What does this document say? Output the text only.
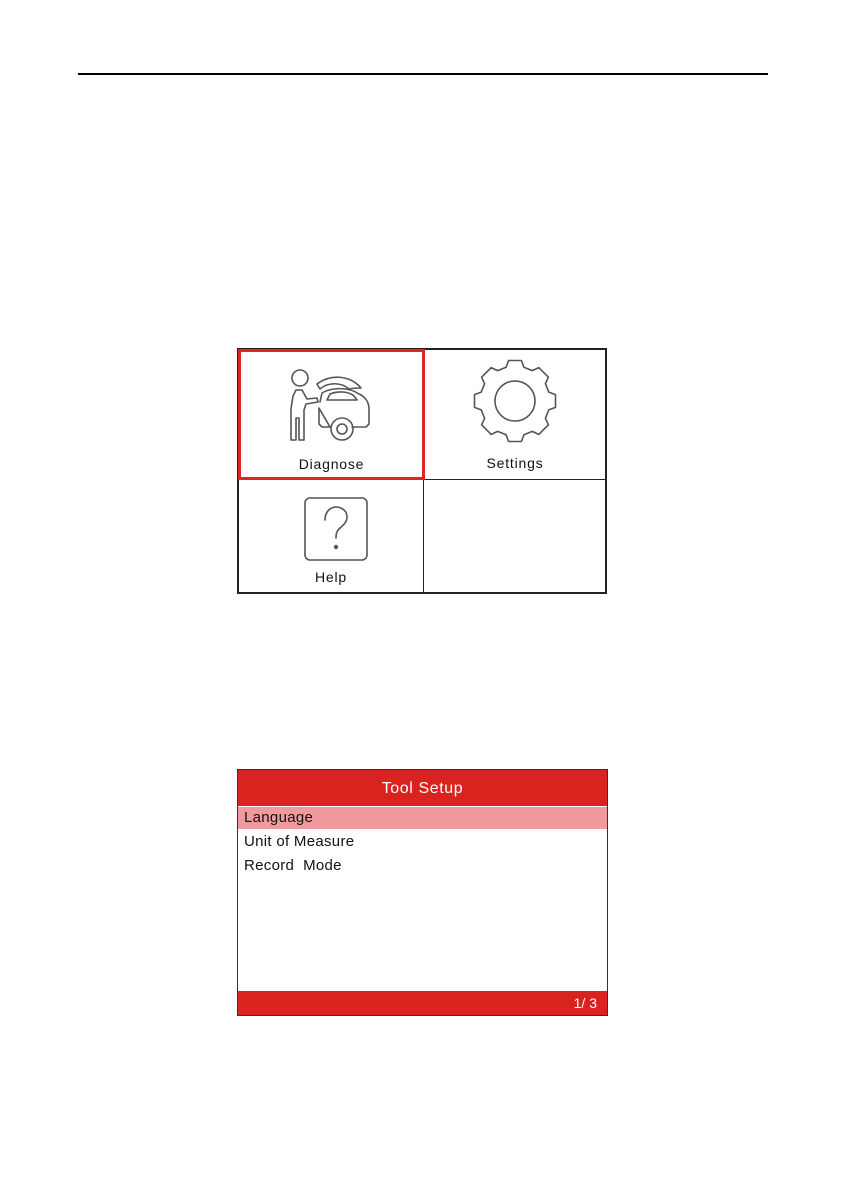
Diagnose	Settings
Help
Tool Setup
Language
Unit of Measure
Record  Mode
1/ 3
